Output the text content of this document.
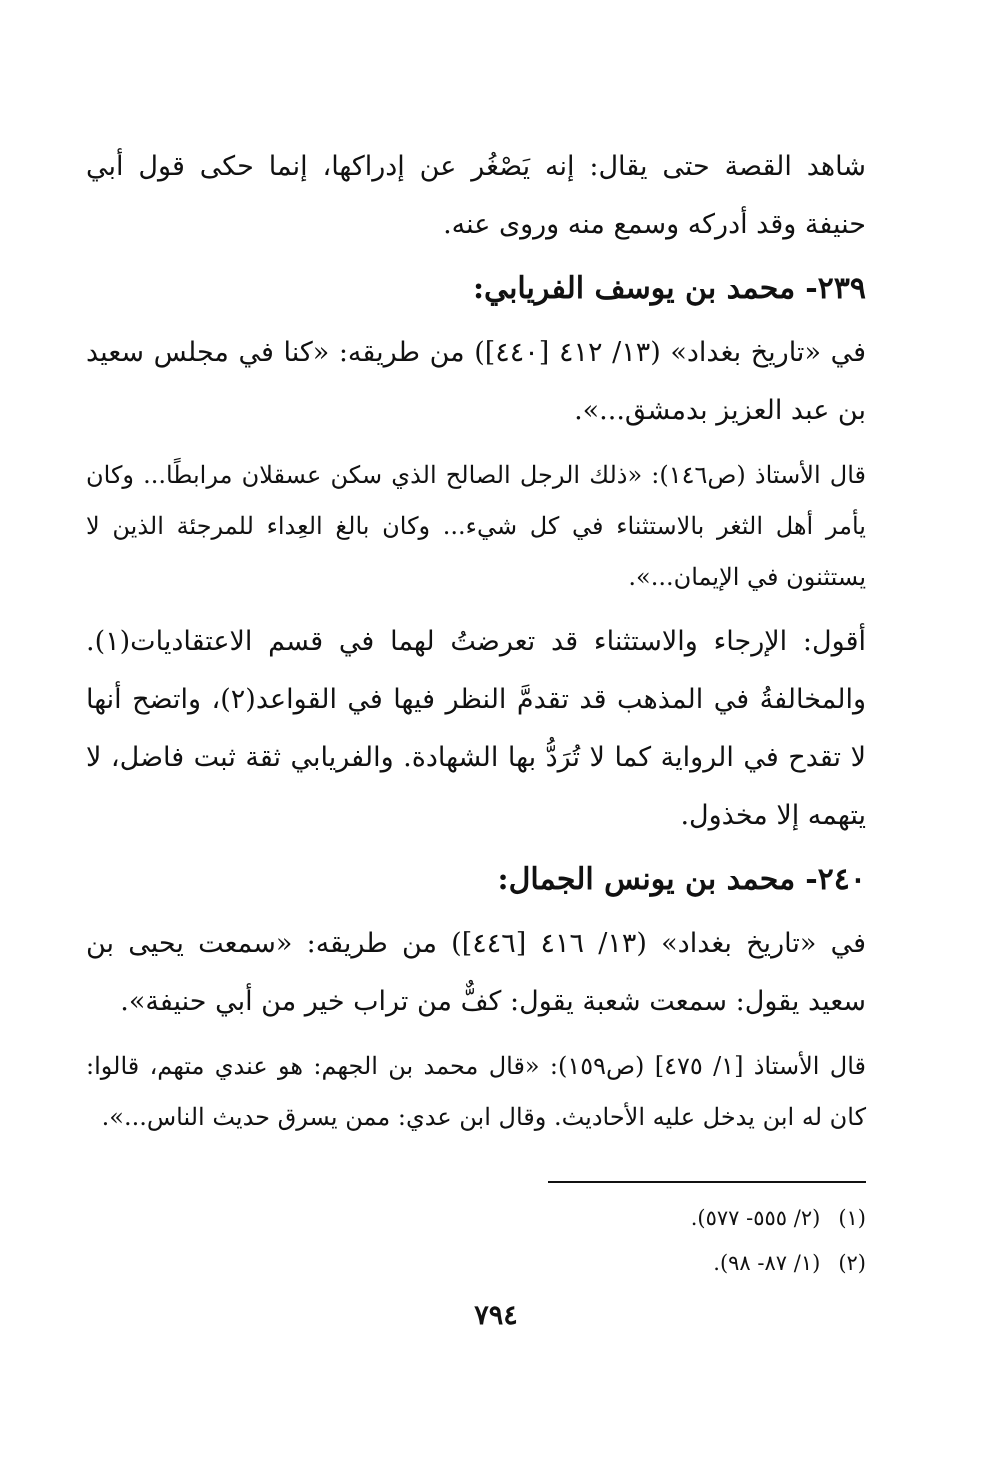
شاهد القصة حتى يقال: إنه يَصْغُر عن إدراكها، إنما حكى قول أبي حنيفة وقد أدركه وسمع منه وروى عنه.

٢٣٩-محمد بن يوسف الفريابي:

في «تاريخ بغداد» (١٣/ ٤١٢ [٤٤٠]) من طريقه: «كنا في مجلس سعيد بن عبد العزيز بدمشق...».

قال الأستاذ (ص١٤٦): «ذلك الرجل الصالح الذي سكن عسقلان مرابطًا... وكان يأمر أهل الثغر بالاستثناء في كل شيء... وكان بالغ العِداء للمرجئة الذين لا يستثنون في الإيمان...».

أقول: الإرجاء والاستثناء قد تعرضتُ لهما في قسم الاعتقاديات(١). والمخالفةُ في المذهب قد تقدمَّ النظر فيها في القواعد(٢)، واتضح أنها لا تقدح في الرواية كما لا تُرَدُّ بها الشهادة. والفريابي ثقة ثبت فاضل، لا يتهمه إلا مخذول.

٢٤٠-محمد بن يونس الجمال:

في «تاريخ بغداد» (١٣/ ٤١٦ [٤٤٦]) من طريقه: «سمعت يحيى بن سعيد يقول: سمعت شعبة يقول: كفٌّ من تراب خير من أبي حنيفة».

قال الأستاذ [١/ ٤٧٥] (ص١٥٩): «قال محمد بن الجهم: هو عندي متهم، قالوا: كان له ابن يدخل عليه الأحاديث. وقال ابن عدي: ممن يسرق حديث الناس...».

(١)(٢/ ٥٥٥- ٥٧٧).
(٢)(١/ ٨٧- ٩٨).
٧٩٤
